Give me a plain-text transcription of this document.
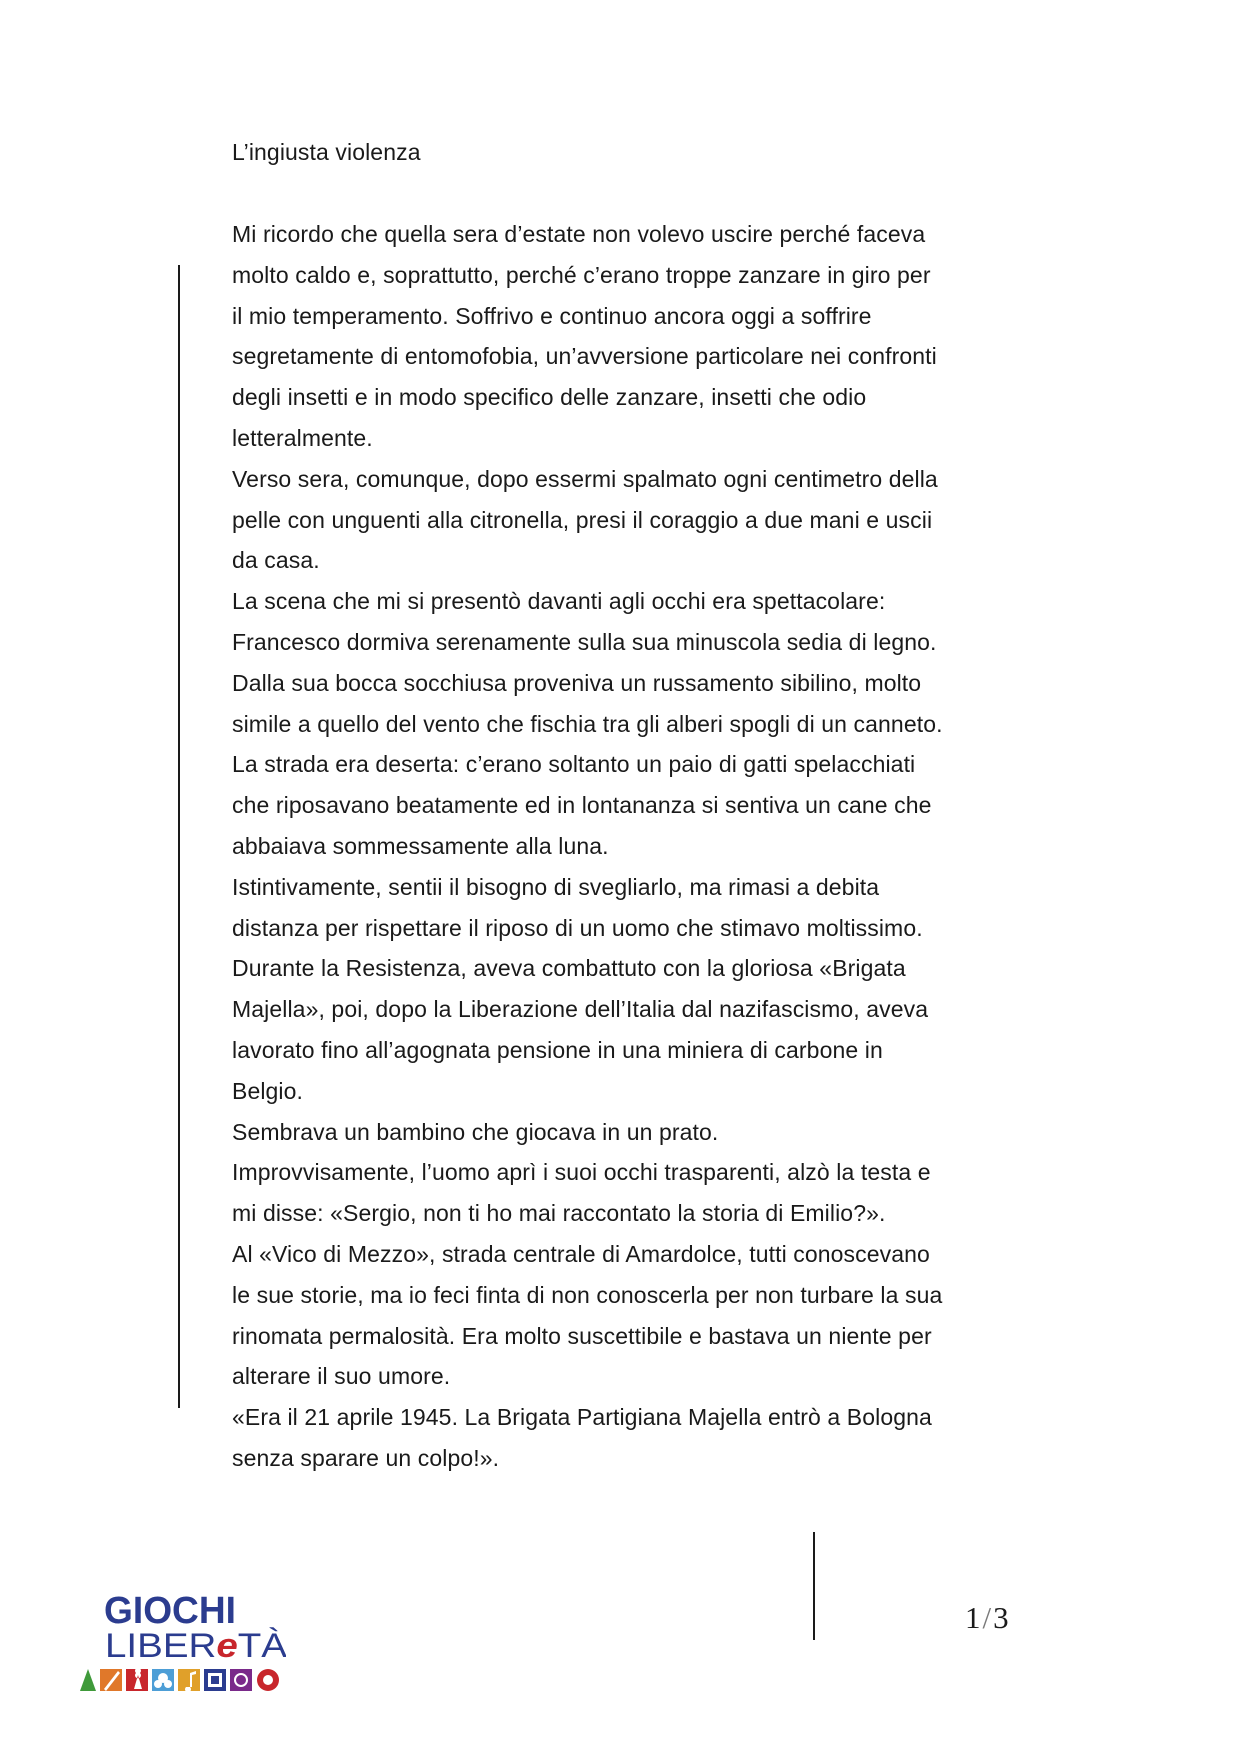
L’ingiusta violenza
Mi ricordo che quella sera d’estate non volevo uscire perché faceva
molto caldo e, soprattutto, perché c’erano troppe zanzare in giro per
il mio temperamento. Soffrivo e continuo ancora oggi a soffrire
segretamente di entomofobia, un’avversione particolare nei confronti
degli insetti e in modo specifico delle zanzare, insetti che odio
letteralmente.
Verso sera, comunque, dopo essermi spalmato ogni centimetro della
pelle con unguenti alla citronella, presi il coraggio a due mani e uscii
da casa.
La scena che mi si presentò davanti agli occhi era spettacolare:
Francesco dormiva serenamente sulla sua minuscola sedia di legno.
Dalla sua bocca socchiusa proveniva un russamento sibilino, molto
simile a quello del vento che fischia tra gli alberi spogli di un canneto.
La strada era deserta: c’erano soltanto un paio di gatti spelacchiati
che riposavano beatamente ed in lontananza si sentiva un cane che
abbaiava sommessamente alla luna.
Istintivamente, sentii il bisogno di svegliarlo, ma rimasi a debita
distanza per rispettare il riposo di un uomo che stimavo moltissimo.
Durante la Resistenza, aveva combattuto con la gloriosa «Brigata
Majella», poi, dopo la Liberazione dell’Italia dal nazifascismo, aveva
lavorato fino all’agognata pensione in una miniera di carbone in
Belgio.
Sembrava un bambino che giocava in un prato.
Improvvisamente, l’uomo aprì i suoi occhi trasparenti, alzò la testa e
mi disse: «Sergio, non ti ho mai raccontato la storia di Emilio?».
Al «Vico di Mezzo», strada centrale di Amardolce, tutti conoscevano
le sue storie, ma io feci finta di non conoscerla per non turbare la sua
rinomata permalosità. Era molto suscettibile e bastava un niente per
alterare il suo umore.
«Era il 21 aprile 1945. La Brigata Partigiana Majella entrò a Bologna
senza sparare un colpo!».
GIOCHI
LIBER eTÀ
1/3
